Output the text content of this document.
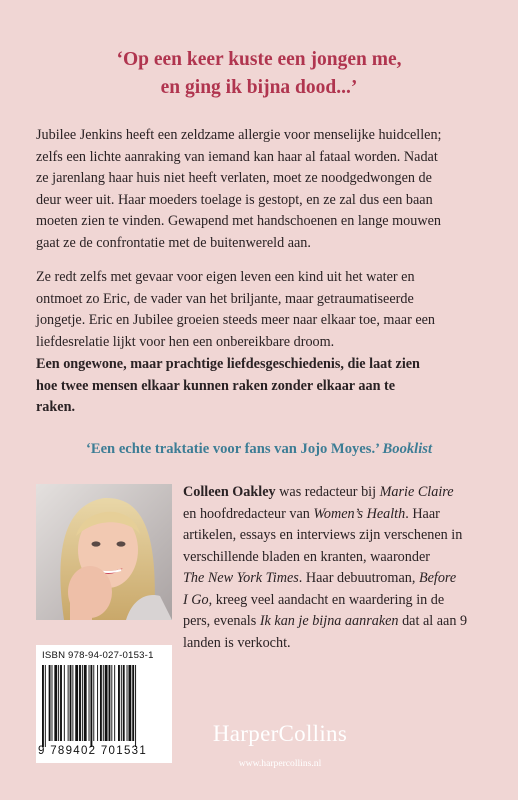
‘Op een keer kuste een jongen me,
en ging ik bijna dood...’

Jubilee Jenkins heeft een zeldzame allergie voor menselijke huidcellen;
zelfs een lichte aanraking van iemand kan haar al fataal worden. Nadat
ze jarenlang haar huis niet heeft verlaten, moet ze noodgedwongen de
deur weer uit. Haar moeders toelage is gestopt, en ze zal dus een baan
moeten zien te vinden. Gewapend met handschoenen en lange mouwen
gaat ze de confrontatie met de buitenwereld aan.

Ze redt zelfs met gevaar voor eigen leven een kind uit het water en
ontmoet zo Eric, de vader van het briljante, maar getraumatiseerde
jongetje. Eric en Jubilee groeien steeds meer naar elkaar toe, maar een
liefdesrelatie lijkt voor hen een onbereikbare droom.

Een ongewone, maar prachtige liefdesgeschiedenis, die laat zien
hoe twee mensen elkaar kunnen raken zonder elkaar aan te
raken.

‘Een echte traktatie voor fans van Jojo Moyes.’ Booklist
Colleen Oakley was redacteur bij Marie Claire
en hoofdredacteur van Women’s Health. Haar
artikelen, essays en interviews zijn verschenen in
verschillende bladen en kranten, waaronder
The New York Times. Haar debuutroman, Before
I Go, kreeg veel aandacht en waardering in de
pers, evenals Ik kan je bijna aanraken dat al aan 9
landen is verkocht.
ISBN 978-94-027-0153-1
9 789402 701531
HarperCollins
www.harpercollins.nl
